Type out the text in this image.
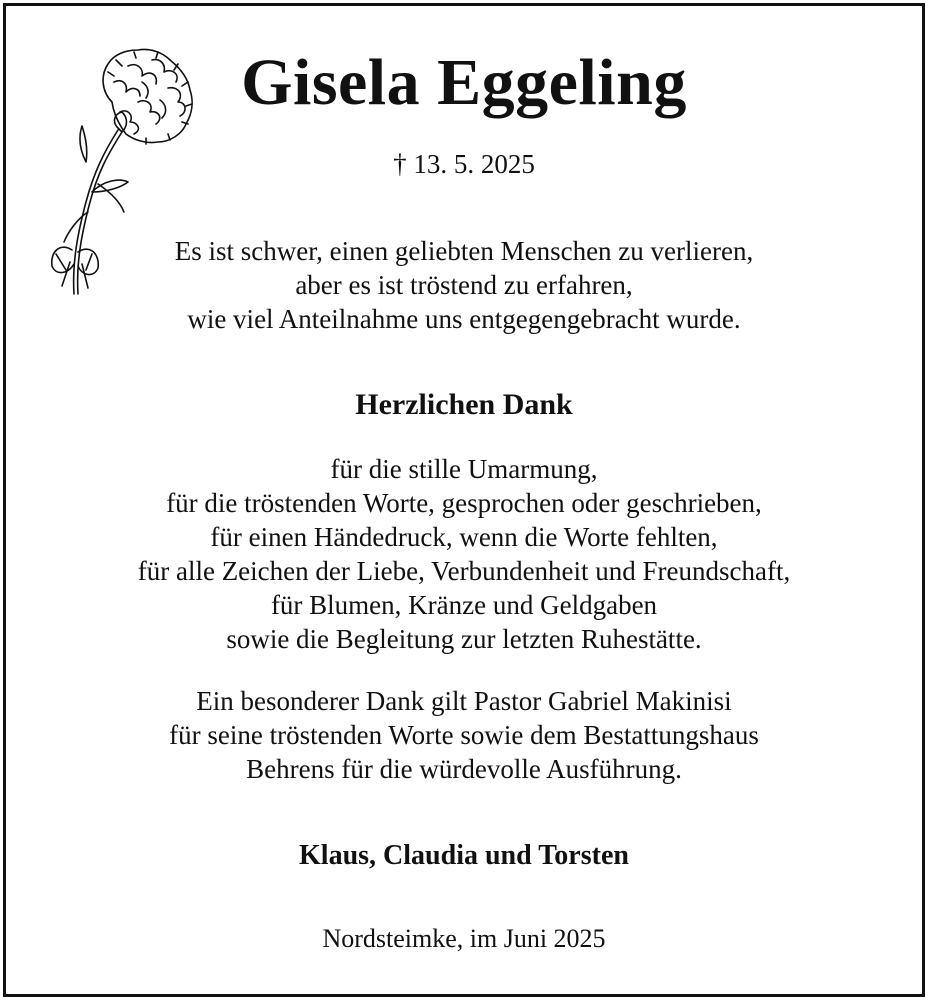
Gisela Eggeling
† 13. 5. 2025

Es ist schwer, einen geliebten Menschen zu verlieren,

aber es ist tröstend zu erfahren,

wie viel Anteilnahme uns entgegengebracht wurde.

Herzlichen Dank

für die stille Umarmung,

für die tröstenden Worte, gesprochen oder geschrieben,

für einen Händedruck, wenn die Worte fehlten,

für alle Zeichen der Liebe, Verbundenheit und Freundschaft,

für Blumen, Kränze und Geldgaben

sowie die Begleitung zur letzten Ruhestätte.

Ein besonderer Dank gilt Pastor Gabriel Makinisi

für seine tröstenden Worte sowie dem Bestattungshaus

Behrens für die würdevolle Ausführung.

Klaus, Claudia und Torsten
Nordsteimke, im Juni 2025
